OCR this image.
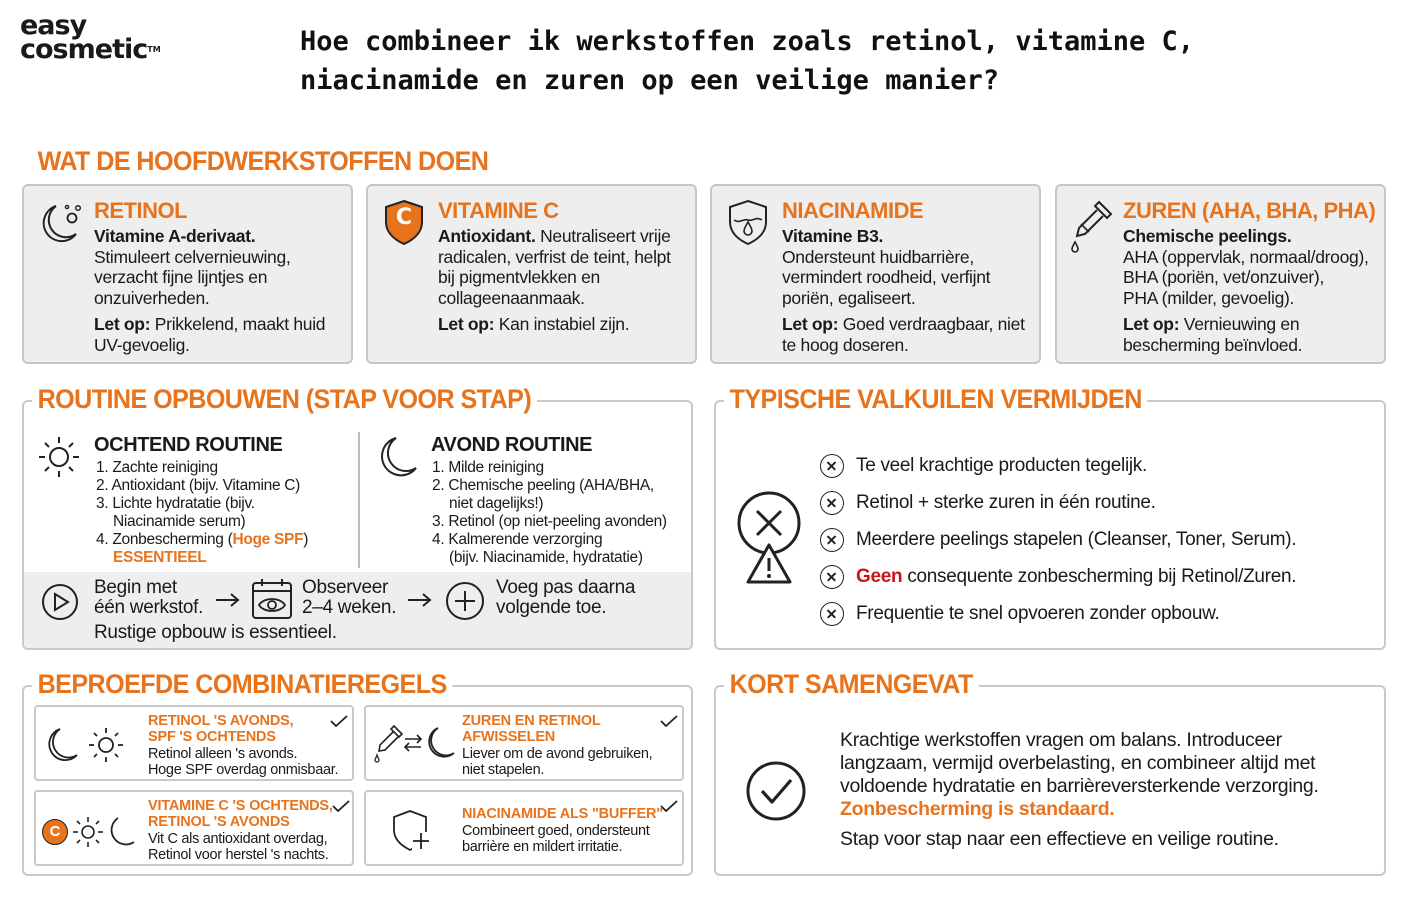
easy
cosmetic™	Hoe combineer ik werkstoffen zoals retinol, vitamine C,
niacinamide en zuren op een veilige manier?
WAT DE HOOFDWERKSTOFFEN DOEN
RETINOL
Vitamine A-derivaat.
Stimuleert celvernieuwing, verzacht fijne lijntjes en onzuiverheden.
Let op: Prikkelend, maakt huid UV-gevoelig.
C	VITAMINE C
Antioxidant. Neutraliseert vrije radicalen, verfrist de teint, helpt bij pigmentvlekken en collageenaanmaak.
Let op: Kan instabiel zijn.
NIACINAMIDE
Vitamine B3.
Ondersteunt huidbarrière, vermindert roodheid, verfijnt poriën, egaliseert.
Let op: Goed verdraagbaar, niet te hoog doseren.
ZUREN (AHA, BHA, PHA)
Chemische peelings.
AHA (oppervlak, normaal/droog),
BHA (poriën, vet/onzuiver),
PHA (milder, gevoelig).
Let op: Vernieuwing en bescherming beïnvloed.
OCHTEND ROUTINE
1. Zachte reiniging
2. Antioxidant (bijv. Vitamine C)
3. Lichte hydratatie (bijv.
Niacinamide serum)
4. Zonbescherming (Hoge SPF)
ESSENTIEEL
AVOND ROUTINE
1. Milde reiniging
2. Chemische peeling (AHA/BHA,
niet dagelijks!)
3. Retinol (op niet-peeling avonden)
4. Kalmerende verzorging
(bijv. Niacinamide, hydratatie)
Begin met
één werkstof.
Observeer
2–4 weken.
Voeg pas daarna
volgende toe.
Rustige opbouw is essentieel.
ROUTINE OPBOUWEN (STAP VOOR STAP)
Te veel krachtige producten tegelijk.
Retinol + sterke zuren in één routine.
Meerdere peelings stapelen (Cleanser, Toner, Serum).
Geen
consequente zonbescherming bij Retinol/Zuren.
Frequentie te snel opvoeren zonder opbouw.
TYPISCHE VALKUILEN VERMIJDEN
RETINOL 'S AVONDS,
SPF 'S OCHTENDS
Retinol alleen 's avonds.
Hoge SPF overdag onmisbaar.
ZUREN EN RETINOL
AFWISSELEN
Liever om de avond gebruiken,
niet stapelen.
C
VITAMINE C 'S OCHTENDS,
RETINOL 'S AVONDS
Vit C als antioxidant overdag,
Retinol voor herstel 's nachts.
NIACINAMIDE ALS "BUFFER"
Combineert goed, ondersteunt
barrière en mildert irritatie.
BEPROEFDE COMBINATIEREGELS
Krachtige werkstoffen vragen om balans. Introduceer
langzaam, vermijd overbelasting, en combineer altijd met
voldoende hydratatie en barrièreversterkende verzorging.
Zonbescherming is standaard.
Stap voor stap naar een effectieve en veilige routine.
KORT SAMENGEVAT
